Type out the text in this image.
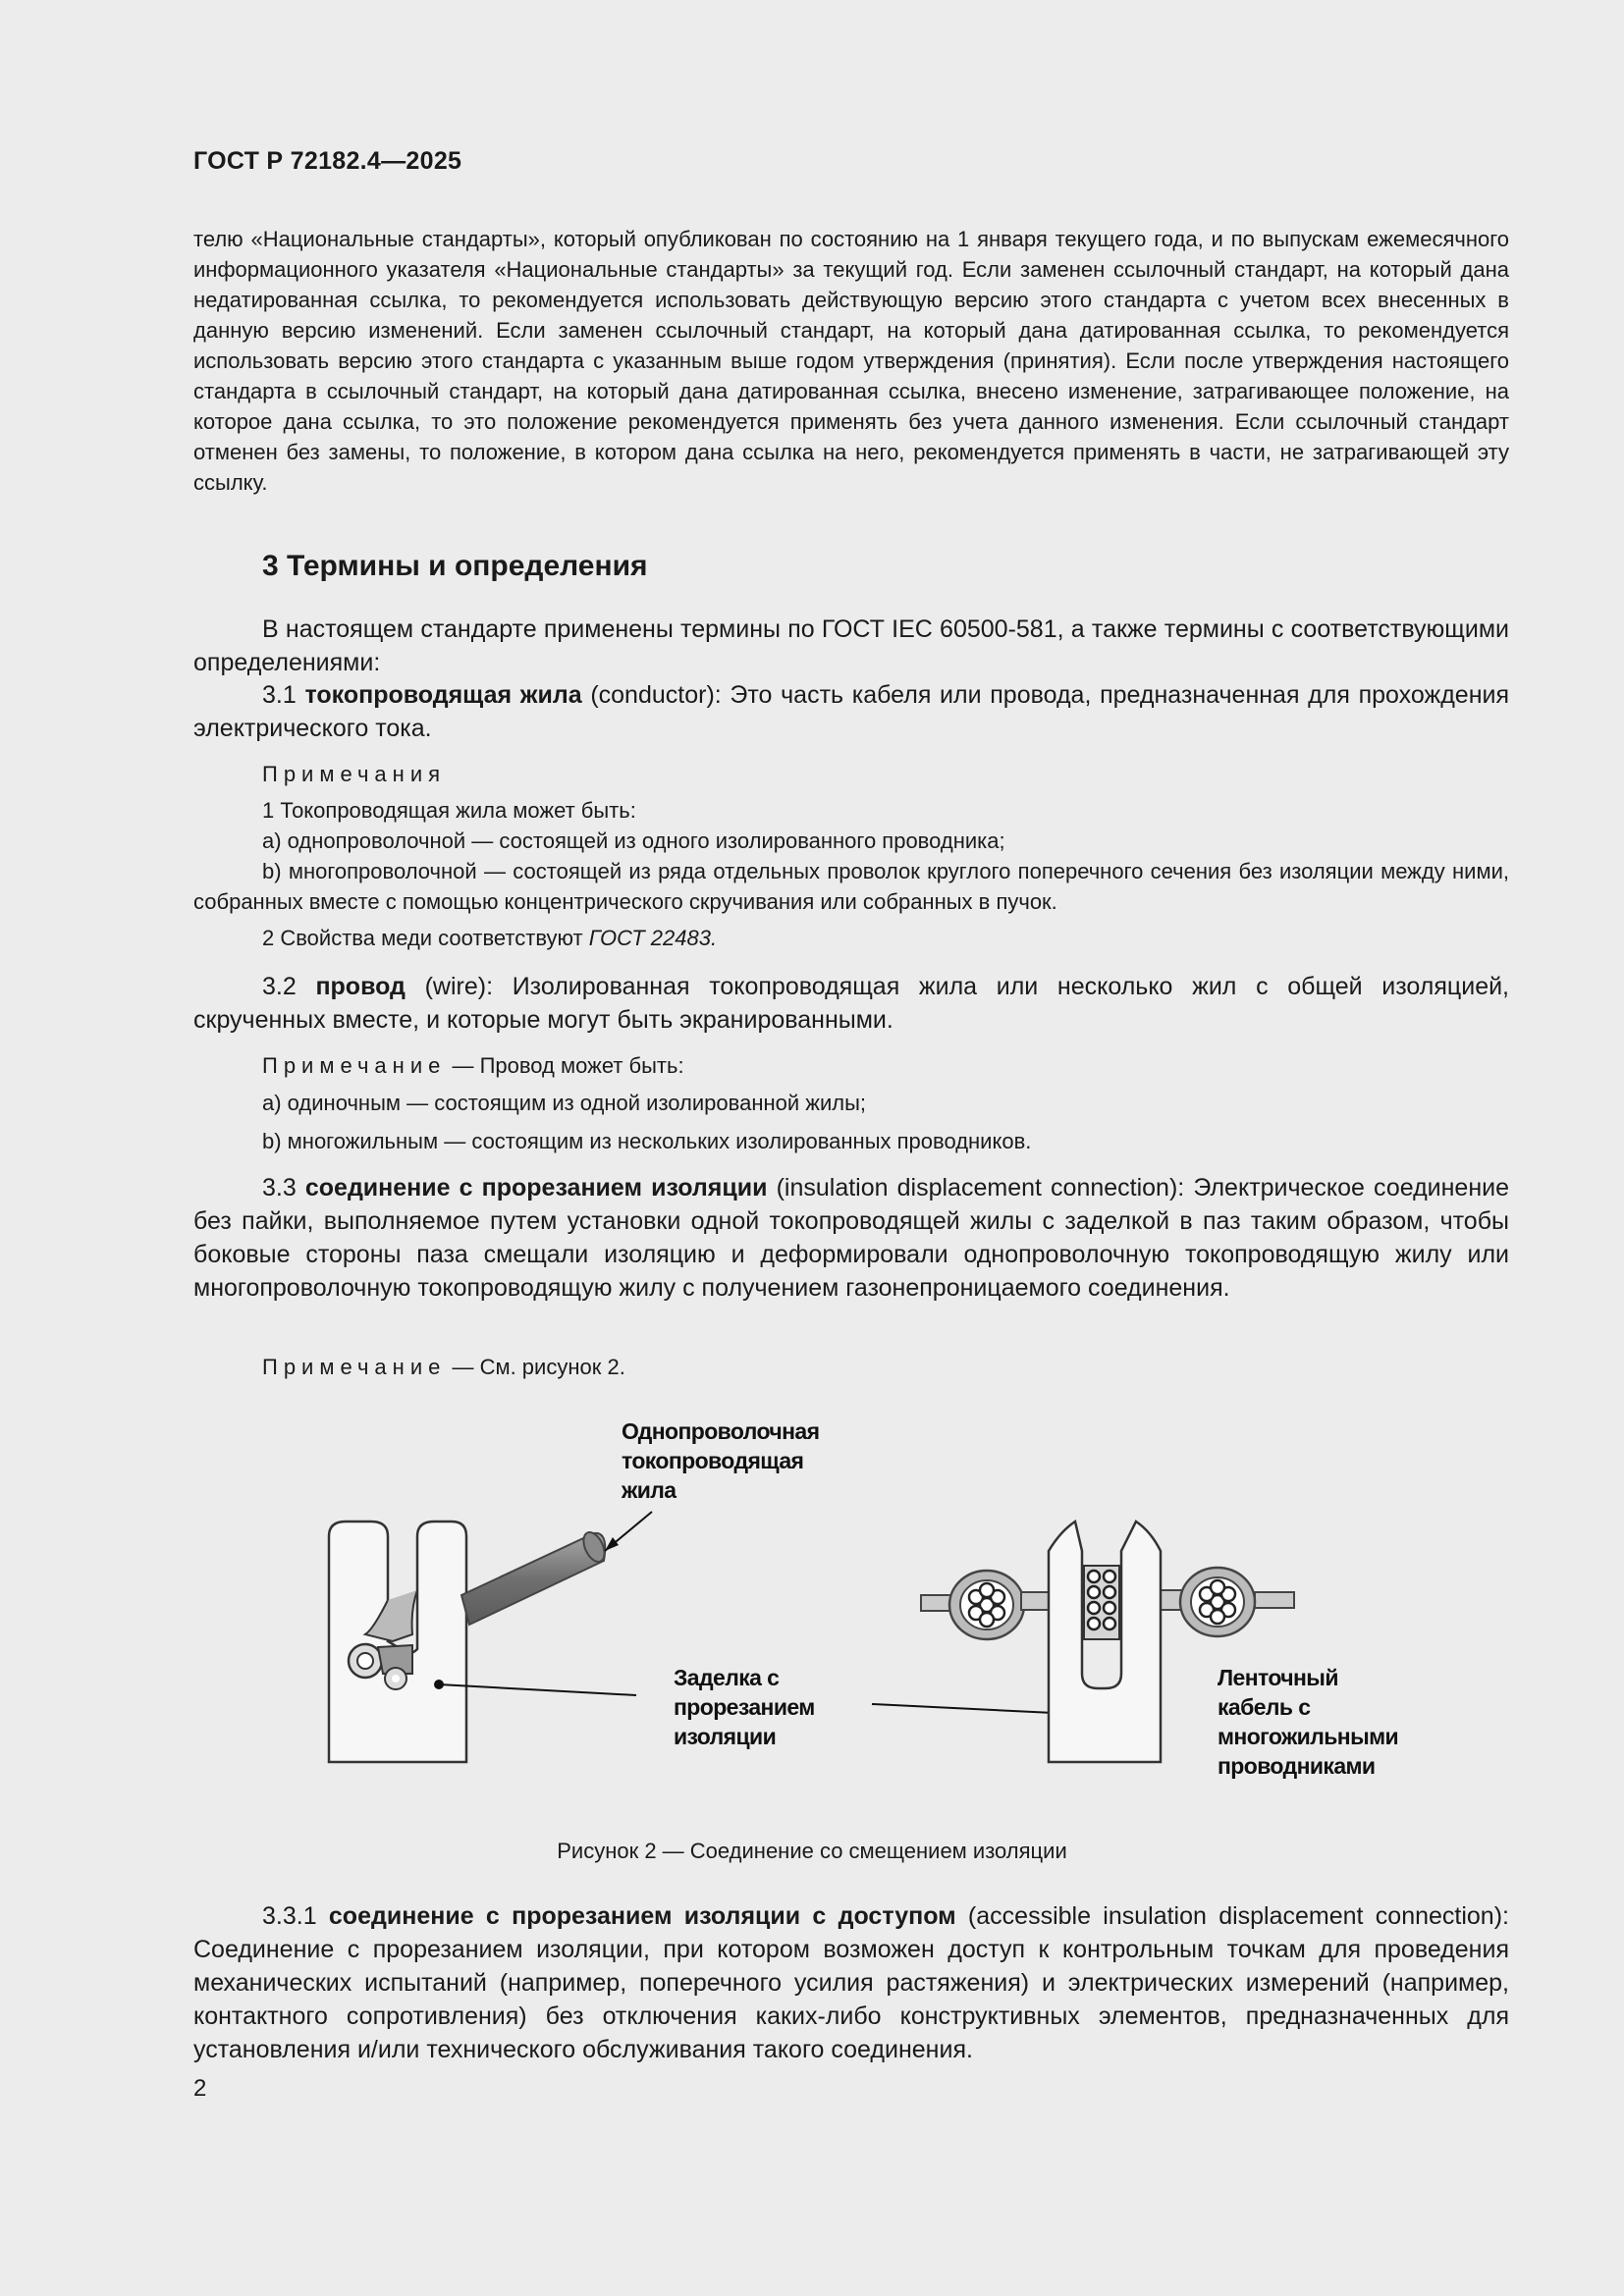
ГОСТ Р 72182.4—2025
телю «Национальные стандарты», который опубликован по состоянию на 1 января текущего года, и по выпускам ежемесячного информационного указателя «Национальные стандарты» за текущий год. Если заменен ссылочный стандарт, на который дана недатированная ссылка, то рекомендуется использовать действующую версию этого стандарта с учетом всех внесенных в данную версию изменений. Если заменен ссылочный стандарт, на который дана датированная ссылка, то рекомендуется использовать версию этого стандарта с указанным выше годом утверждения (принятия). Если после утверждения настоящего стандарта в ссылочный стандарт, на который дана датированная ссылка, внесено изменение, затрагивающее положение, на которое дана ссылка, то это положение рекомендуется применять без учета данного изменения. Если ссылочный стандарт отменен без замены, то положение, в котором дана ссылка на него, рекомендуется применять в части, не затрагивающей эту ссылку.
3 Термины и определения
В настоящем стандарте применены термины по ГОСТ IEC 60500-581, а также термины с соответствующими определениями:
3.1 токопроводящая жила (conductor): Это часть кабеля или провода, предназначенная для прохождения электрического тока.
Примечания
1 Токопроводящая жила может быть:
a) однопроволочной — состоящей из одного изолированного проводника;
b) многопроволочной — состоящей из ряда отдельных проволок круглого поперечного сечения без изоляции между ними, собранных вместе с помощью концентрического скручивания или собранных в пучок.
2 Свойства меди соответствуют ГОСТ 22483.
3.2 провод (wire): Изолированная токопроводящая жила или несколько жил с общей изоляцией, скрученных вместе, и которые могут быть экранированными.
Примечание — Провод может быть:
a) одиночным — состоящим из одной изолированной жилы;
b) многожильным — состоящим из нескольких изолированных проводников.
3.3 соединение с прорезанием изоляции (insulation displacement connection): Электрическое соединение без пайки, выполняемое путем установки одной токопроводящей жилы с заделкой в паз таким образом, чтобы боковые стороны паза смещали изоляцию и деформировали однопроволочную токопроводящую жилу или многопроволочную токопроводящую жилу с получением газонепроницаемого соединения.
Примечание — См. рисунок 2.
Однопроволочная
токопроводящая
жила
Заделка с
прорезанием
изоляции
Ленточный
кабель с
многожильными
проводниками
Рисунок 2 — Соединение со смещением изоляции
3.3.1 соединение с прорезанием изоляции с доступом (accessible insulation displacement connection): Соединение с прорезанием изоляции, при котором возможен доступ к контрольным точкам для проведения механических испытаний (например, поперечного усилия растяжения) и электрических измерений (например, контактного сопротивления) без отключения каких-либо конструктивных элементов, предназначенных для установления и/или технического обслуживания такого соединения.
2
